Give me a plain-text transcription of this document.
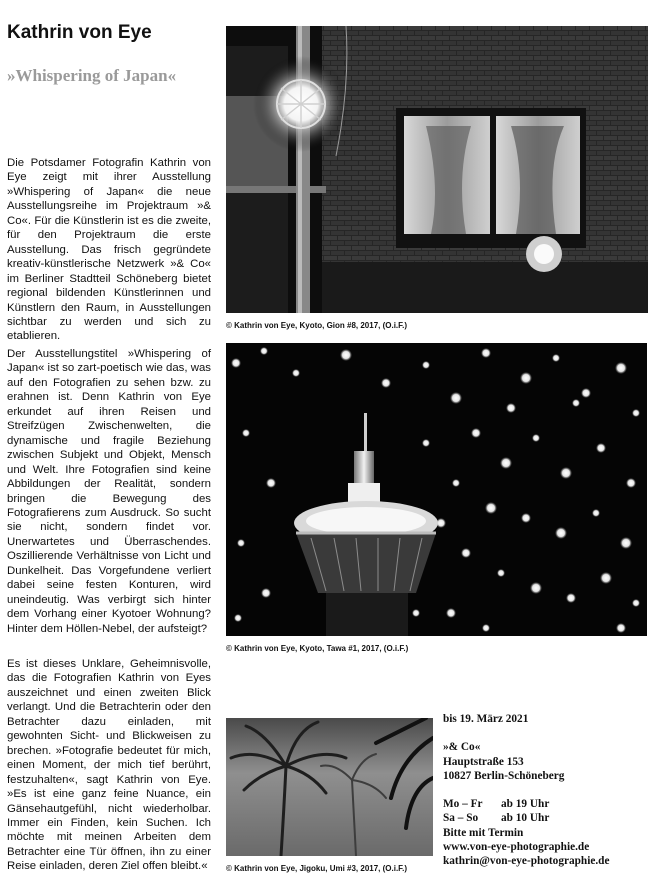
Kathrin von Eye
»Whispering of Japan«

Die Potsdamer Fotografin Kathrin von Eye zeigt mit ihrer Ausstellung »Whispering of Japan« die neue Ausstellungsreihe im Projektraum »& Co«. Für die Künstlerin ist es die zweite, für den Projektraum die erste Ausstellung. Das frisch gegründete kreativ-künstlerische Netzwerk »& Co« im Berliner Stadtteil Schöneberg bietet regional bildenden Künstlerinnen und Künstlern den Raum, in Ausstellungen sichtbar zu werden und sich zu etablieren.

Der Ausstellungstitel »Whispering of Japan« ist so zart-poetisch wie das, was auf den Fotografien zu sehen bzw. zu erahnen ist. Denn Kathrin von Eye erkundet auf ihren Reisen und Streifzügen Zwischenwelten, die dynamische und fragile Beziehung zwischen Subjekt und Objekt, Mensch und Welt. Ihre Fotografien sind keine Abbildungen der Realität, sondern bringen die Bewegung des Fotografierens zum Ausdruck. So sucht sie nicht, sondern findet vor. Unerwartetes und Überraschendes. Oszillierende Verhältnisse von Licht und Dunkelheit. Das Vorgefundene verliert dabei seine festen Konturen, wird uneindeutig. Was verbirgt sich hinter dem Vorhang einer Kyotoer Wohnung? Hinter dem Höllen-Nebel, der aufsteigt?

Es ist dieses Unklare, Geheimnisvolle, das die Fotografien Kathrin von Eyes auszeichnet und einen zweiten Blick verlangt. Und die Betrachterin oder den Betrachter dazu einladen, mit gewohnten Sicht- und Blickweisen zu brechen. »Fotografie bedeutet für mich, einen Moment, der mich tief berührt, festzuhalten«, sagt Kathrin von Eye. »Es ist eine ganz feine Nuance, ein Gänsehautgefühl, nicht wiederholbar. Immer ein Finden, kein Suchen. Ich möchte mit meinen Arbeiten dem Betrachter eine Tür öffnen, ihn zu einer Reise einladen, deren Ziel offen bleibt.«

© Kathrin von Eye, Kyoto, Gion #8, 2017, (O.i.F.)
© Kathrin von Eye, Kyoto, Tawa #1, 2017, (O.i.F.)
© Kathrin von Eye, Jigoku, Umi #3, 2017, (O.i.F.)
bis 19. März 2021
»& Co«
Hauptstraße 153
10827 Berlin-Schöneberg
Mo – Fr ab 19 Uhr
Sa – So ab 10 Uhr
Bitte mit Termin
www.von-eye-photographie.de
kathrin@von-eye-photographie.de
